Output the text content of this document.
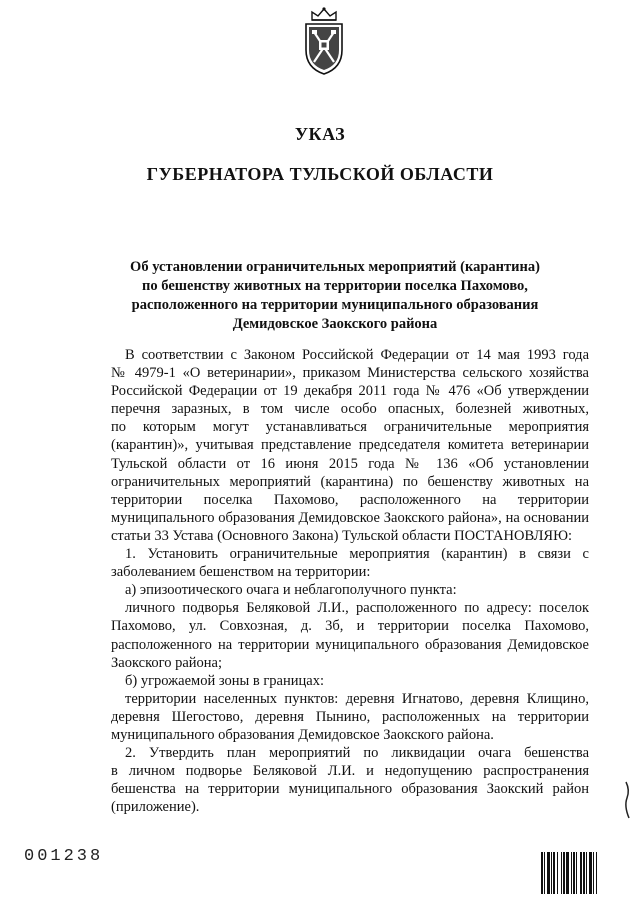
УКАЗ
ГУБЕРНАТОРА ТУЛЬСКОЙ ОБЛАСТИ
Об установлении ограничительных мероприятий (карантина)
по бешенству животных на территории поселка Пахомово,
расположенного на территории муниципального образования
Демидовское Заокского района
В соответствии с Законом Российской Федерации от 14 мая 1993 года
№ 4979-1 «О ветеринарии», приказом Министерства сельского хозяйства
Российской Федерации от 19 декабря 2011 года № 476 «Об утверждении
перечня заразных, в том числе особо опасных, болезней животных,
по которым могут устанавливаться ограничительные мероприятия
(карантин)», учитывая представление председателя комитета ветеринарии
Тульской области от 16 июня 2015 года № 136 «Об установлении
ограничительных мероприятий (карантина) по бешенству животных на
территории поселка Пахомово, расположенного на территории
муниципального образования Демидовское Заокского района», на основании
статьи 33 Устава (Основного Закона) Тульской области ПОСТАНОВЛЯЮ:
1. Установить ограничительные мероприятия (карантин) в связи с
заболеванием бешенством на территории:
а) эпизоотического очага и неблагополучного пункта:
личного подворья Беляковой Л.И., расположенного по адресу: поселок
Пахомово, ул. Совхозная, д. 3б, и территории поселка Пахомово,
расположенного на территории муниципального образования Демидовское
Заокского района;
б) угрожаемой зоны в границах:
территории населенных пунктов: деревня Игнатово, деревня Клищино,
деревня Шегостово, деревня Пынино, расположенных на территории
муниципального образования Демидовское Заокского района.
2. Утвердить план мероприятий по ликвидации очага бешенства
в личном подворье Беляковой Л.И. и недопущению распространения
бешенства на территории муниципального образования Заокский район
(приложение).
001238
